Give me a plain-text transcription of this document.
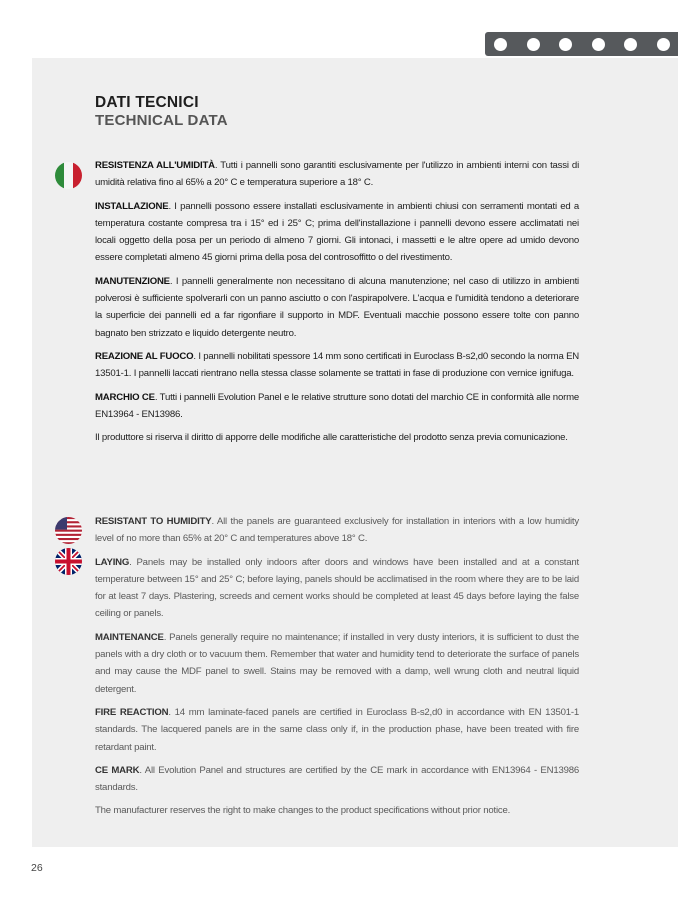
DATI TECNICI
TECHNICAL DATA

RESISTENZA ALL'UMIDITÀ. Tutti i pannelli sono garantiti esclusivamente per l'utilizzo in ambienti interni con tassi di umidità relativa fino al 65% a 20° C e temperatura superiore a 18° C.

INSTALLAZIONE. I pannelli possono essere installati esclusivamente in ambienti chiusi con serramenti montati ed a temperatura costante compresa tra i 15° ed i 25° C; prima dell'installazione i pannelli devono essere acclimatati nei locali oggetto della posa per un periodo di almeno 7 giorni. Gli intonaci, i massetti e le altre opere ad umido devono essere completati almeno 45 giorni prima della posa del controsoffitto o del rivestimento.

MANUTENZIONE. I pannelli generalmente non necessitano di alcuna manutenzione; nel caso di utilizzo in ambienti polverosi è sufficiente spolverarli con un panno asciutto o con l'aspirapolvere. L'acqua e l'umidità tendono a deteriorare la superficie dei pannelli ed a far rigonfiare il supporto in MDF. Eventuali macchie possono essere tolte con panno bagnato ben strizzato e liquido detergente neutro.

REAZIONE AL FUOCO. I pannelli nobilitati spessore 14 mm sono certificati in Euroclass B-s2,d0 secondo la norma EN 13501-1. I pannelli laccati rientrano nella stessa classe solamente se trattati in fase di produzione con vernice ignifuga.

MARCHIO CE. Tutti i pannelli Evolution Panel e le relative strutture sono dotati del marchio CE in conformità alle norme EN13964 - EN13986.

Il produttore si riserva il diritto di apporre delle modifiche alle caratteristiche del prodotto senza previa comunicazione.

RESISTANT TO HUMIDITY. All the panels are guaranteed exclusively for installation in interiors with a low humidity level of no more than 65% at 20° C and temperatures above 18° C.

LAYING. Panels may be installed only indoors after doors and windows have been installed and at a constant temperature between 15° and 25° C; before laying, panels should be acclimatised in the room where they are to be laid for at least 7 days. Plastering, screeds and cement works should be completed at least 45 days before laying the false ceiling or panels.

MAINTENANCE. Panels generally require no maintenance; if installed in very dusty interiors, it is sufficient to dust the panels with a dry cloth or to vacuum them. Remember that water and humidity tend to deteriorate the surface of panels and may cause the MDF panel to swell. Stains may be removed with a damp, well wrung cloth and neutral liquid detergent.

FIRE REACTION. 14 mm laminate-faced panels are certified in Euroclass B-s2,d0 in accordance with EN 13501-1 standards. The lacquered panels are in the same class only if, in the production phase, have been treated with fire retardant paint.

CE MARK. All Evolution Panel and structures are certified by the CE mark in accordance with EN13964 - EN13986 standards.

The manufacturer reserves the right to make changes to the product specifications without prior notice.

26
